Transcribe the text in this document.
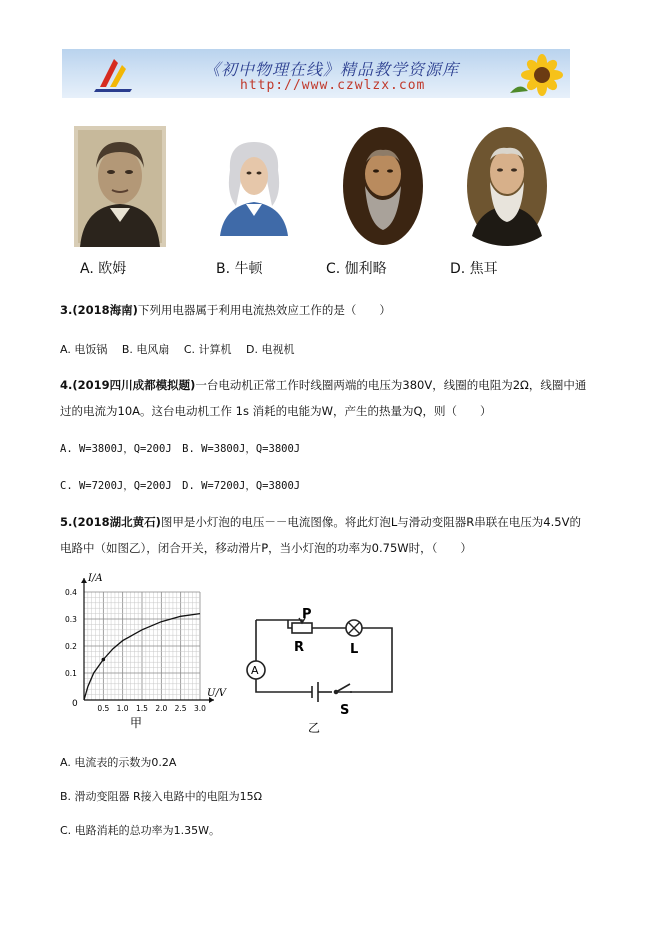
《初中物理在线》精品教学资源库
http://www.czwlzx.com
A. 欧姆	B. 牛顿	C. 伽利略	D. 焦耳
3.(2018海南)下列用电器属于利用电流热效应工作的是（　　）
A. 电饭锅　 B. 电风扇　 C. 计算机　 D. 电视机
4.(2019四川成都模拟题)一台电动机正常工作时线圈两端的电压为380V，线圈的电阻为2Ω，线圈中通
过的电流为10A。这台电动机工作 1s 消耗的电能为W，产生的热量为Q，则（　　）
A. W=3800J，Q=200J　B. W=3800J，Q=3800J
C. W=7200J，Q=200J　D. W=7200J，Q=3800J
5.(2018湖北黄石)图甲是小灯泡的电压－－电流图像。将此灯泡L与滑动变阻器R串联在电压为4.5V的
电路中（如图乙），闭合开关，移动滑片P，当小灯泡的功率为0.75W时，（　　）
0.5 1.0 1.5 2.0 2.5 3.0
0.1
0.2
0.3
0.4
U/V
I/A
0
甲
P
R	L
A
S
乙
A. 电流表的示数为0.2A
B. 滑动变阻器 R接入电路中的电阻为15Ω
C. 电路消耗的总功率为1.35W。
